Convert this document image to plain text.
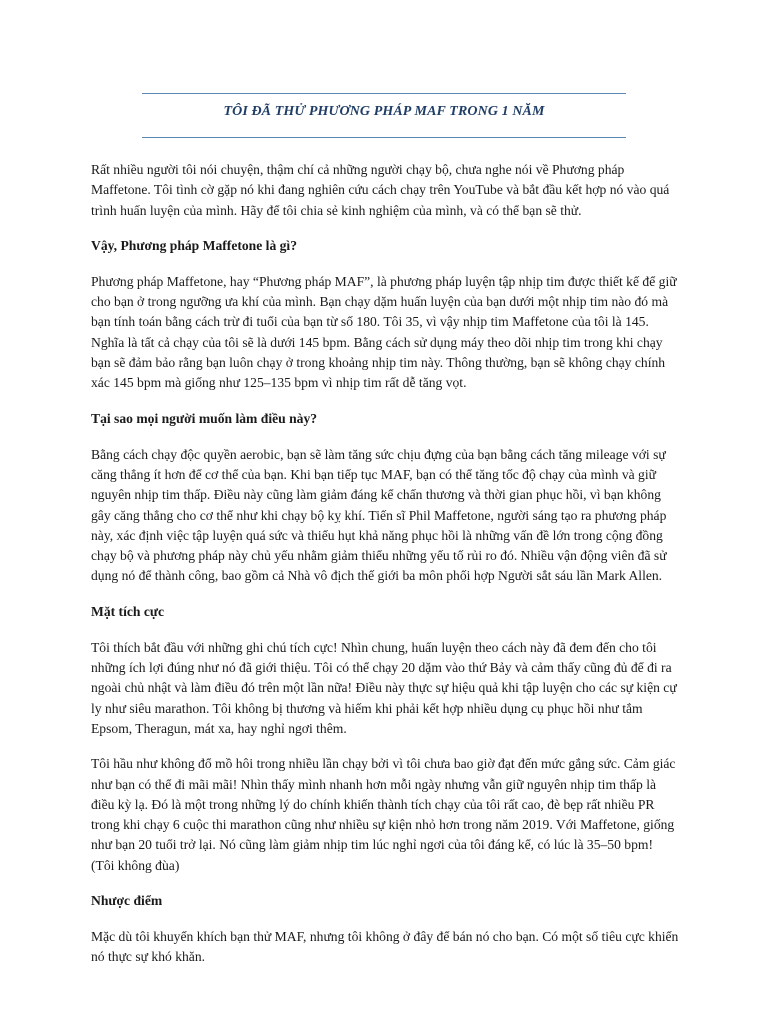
TÔI ĐÃ THỬ PHƯƠNG PHÁP MAF TRONG 1 NĂM

Rất nhiều người tôi nói chuyện, thậm chí cả những người chạy bộ, chưa nghe nói về Phương pháp Maffetone. Tôi tình cờ gặp nó khi đang nghiên cứu cách chạy trên YouTube và bắt đầu kết hợp nó vào quá trình huấn luyện của mình. Hãy để tôi chia sẻ kinh nghiệm của mình, và có thể bạn sẽ thử.

Vậy, Phương pháp Maffetone là gì?

Phương pháp Maffetone, hay “Phương pháp MAF”, là phương pháp luyện tập nhịp tim được thiết kế để giữ cho bạn ở trong ngưỡng ưa khí của mình. Bạn chạy dặm huấn luyện của bạn dưới một nhịp tim nào đó mà bạn tính toán bằng cách trừ đi tuổi của bạn từ số 180. Tôi 35, vì vậy nhịp tim Maffetone của tôi là 145. Nghĩa là tất cả chạy của tôi sẽ là dưới 145 bpm. Bằng cách sử dụng máy theo dõi nhịp tim trong khi chạy bạn sẽ đảm bảo rằng bạn luôn chạy ở trong khoảng nhịp tim này. Thông thường, bạn sẽ không chạy chính xác 145 bpm mà giống như 125–135 bpm vì nhịp tim rất dễ tăng vọt.

Tại sao mọi người muốn làm điều này?

Bằng cách chạy độc quyền aerobic, bạn sẽ làm tăng sức chịu đựng của bạn bằng cách tăng mileage với sự căng thẳng ít hơn để cơ thể của bạn. Khi bạn tiếp tục MAF, bạn có thể tăng tốc độ chạy của mình và giữ nguyên nhịp tim thấp. Điều này cũng làm giảm đáng kể chấn thương và thời gian phục hồi, vì bạn không gây căng thẳng cho cơ thể như khi chạy bộ kỵ khí. Tiến sĩ Phil Maffetone, người sáng tạo ra phương pháp này, xác định việc tập luyện quá sức và thiếu hụt khả năng phục hồi là những vấn đề lớn trong cộng đồng chạy bộ và phương pháp này chủ yếu nhằm giảm thiểu những yếu tố rủi ro đó. Nhiều vận động viên đã sử dụng nó để thành công, bao gồm cả Nhà vô địch thế giới ba môn phối hợp Người sắt sáu lần Mark Allen.

Mặt tích cực

Tôi thích bắt đầu với những ghi chú tích cực! Nhìn chung, huấn luyện theo cách này đã đem đến cho tôi những ích lợi đúng như nó đã giới thiệu. Tôi có thể chạy 20 dặm vào thứ Bảy và cảm thấy cũng đủ để đi ra ngoài chủ nhật và làm điều đó trên một lần nữa! Điều này thực sự hiệu quả khi tập luyện cho các sự kiện cự ly như siêu marathon. Tôi không bị thương và hiếm khi phải kết hợp nhiều dụng cụ phục hồi như tắm Epsom, Theragun, mát xa, hay nghỉ ngơi thêm.

Tôi hầu như không đổ mồ hôi trong nhiều lần chạy bởi vì tôi chưa bao giờ đạt đến mức gắng sức. Cảm giác như bạn có thể đi mãi mãi! Nhìn thấy mình nhanh hơn mỗi ngày nhưng vẫn giữ nguyên nhịp tim thấp là điều kỳ lạ. Đó là một trong những lý do chính khiến thành tích chạy của tôi rất cao, đè bẹp rất nhiều PR trong khi chạy 6 cuộc thi marathon cũng như nhiều sự kiện nhỏ hơn trong năm 2019. Với Maffetone, giống như bạn 20 tuổi trở lại. Nó cũng làm giảm nhịp tim lúc nghỉ ngơi của tôi đáng kể, có lúc là 35–50 bpm! (Tôi không đùa)

Nhược điểm

Mặc dù tôi khuyến khích bạn thử MAF, nhưng tôi không ở đây để bán nó cho bạn. Có một số tiêu cực khiến nó thực sự khó khăn.
